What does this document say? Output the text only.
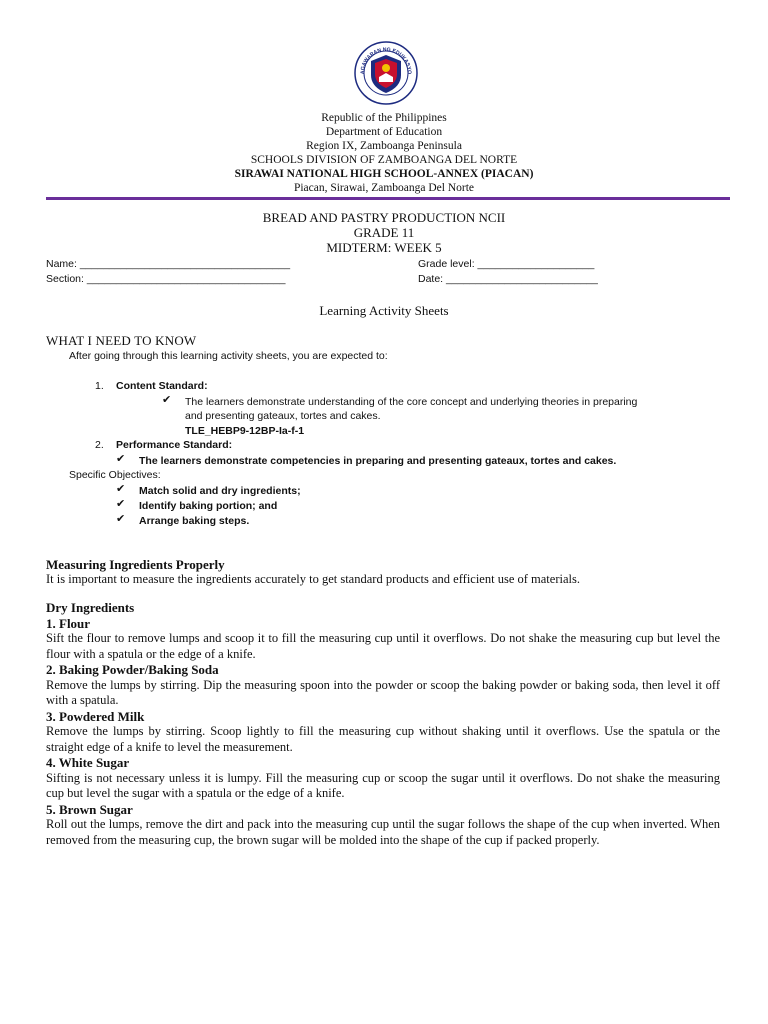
AGAWARAN NG EDUKASYO
Republic of the Philippines
Department of Education
Region IX, Zamboanga Peninsula
SCHOOLS DIVISION OF ZAMBOANGA DEL NORTE
SIRAWAI NATIONAL HIGH SCHOOL-ANNEX (PIACAN)
Piacan, Sirawai, Zamboanga Del Norte
BREAD AND PASTRY PRODUCTION NCII
GRADE 11
MIDTERM: WEEK 5
Name: ____________________________________	Grade level: ____________________
Section: __________________________________	Date: __________________________
Learning Activity Sheets
WHAT I NEED TO KNOW
After going through this learning activity sheets, you are expected to:
1. Content Standard:
✔ The learners demonstrate understanding of the core concept and underlying theories in preparing
and presenting gateaux, tortes and cakes.
TLE_HEBP9-12BP-Ia-f-1
2. Performance Standard:
✔ The learners demonstrate competencies in preparing and presenting gateaux, tortes and cakes.
Specific Objectives:
✔ Match solid and dry ingredients;
✔ Identify baking portion; and
✔ Arrange baking steps.
Measuring Ingredients Properly
It is important to measure the ingredients accurately to get standard products and efficient use of materials.
Dry Ingredients
1. Flour

Sift the flour to remove lumps and scoop it to fill the measuring cup until it overflows. Do not shake the measuring cup but level the flour with a spatula or the edge of a knife.

2. Baking Powder/Baking Soda

Remove the lumps by stirring. Dip the measuring spoon into the powder or scoop the baking powder or baking soda, then level it off with a spatula.

3. Powdered Milk

Remove the lumps by stirring. Scoop lightly to fill the measuring cup without shaking until it overflows. Use the spatula or the straight edge of a knife to level the measurement.

4. White Sugar

Sifting is not necessary unless it is lumpy. Fill the measuring cup or scoop the sugar until it overflows. Do not shake the measuring cup but level the sugar with a spatula or the edge of a knife.

5. Brown Sugar

Roll out the lumps, remove the dirt and pack into the measuring cup until the sugar follows the shape of the cup when inverted. When removed from the measuring cup, the brown sugar will be molded into the shape of the cup if packed properly.
